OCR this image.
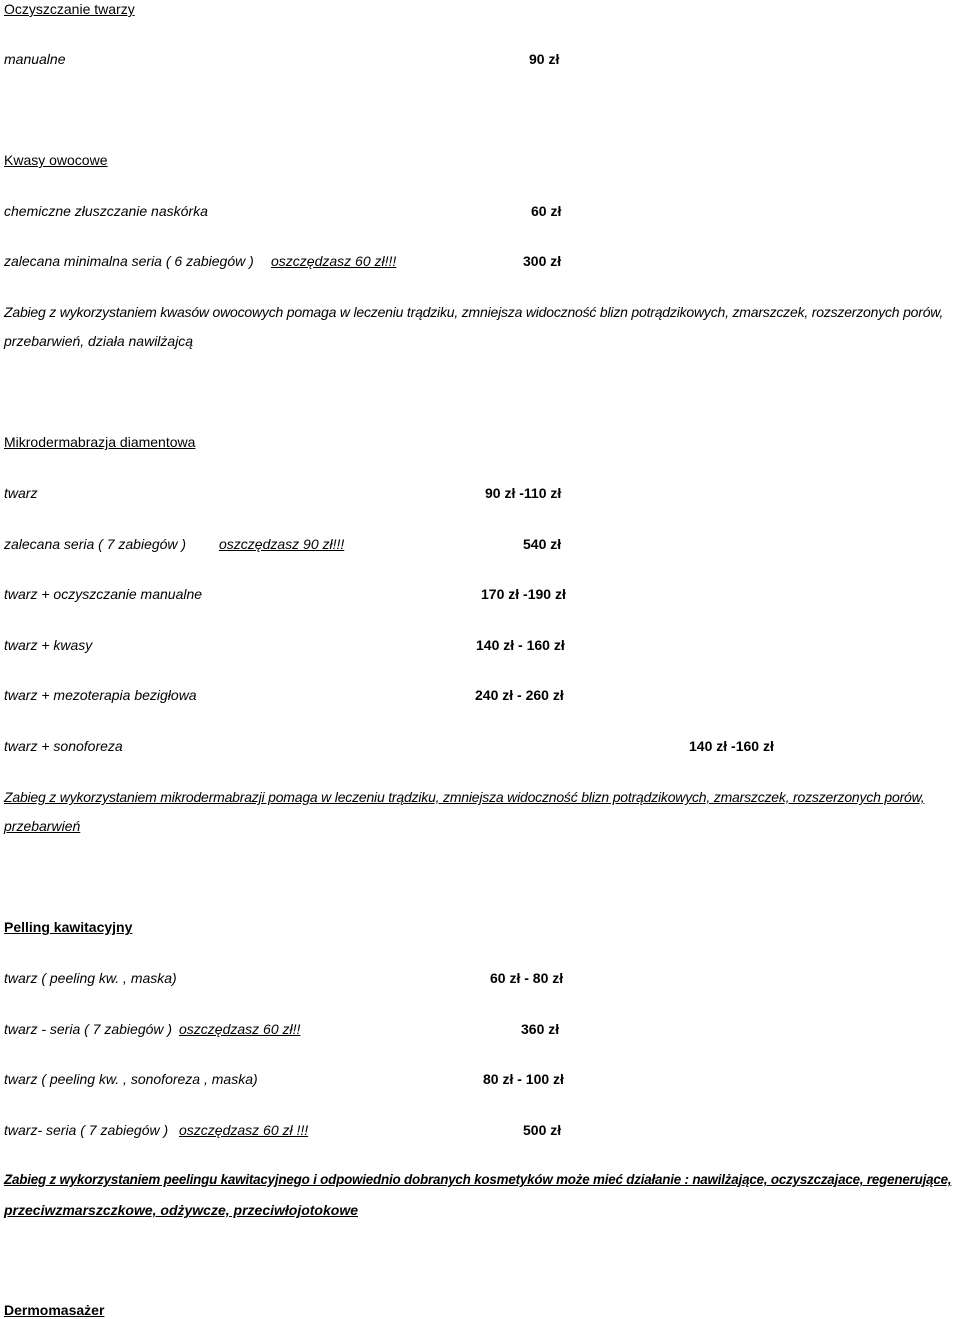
Oczyszczanie twarzy
manualne	90 zł
Kwasy owocowe
chemiczne złuszczanie naskórka	60 zł
zalecana minimalna seria ( 6 zabiegów ) oszczędzasz 60 zł!!!	300 zł
Zabieg z wykorzystaniem kwasów owocowych pomaga w leczeniu trądziku, zmniejsza widoczność blizn potrądzikowych, zmarszczek, rozszerzonych porów,
przebarwień, działa nawilżajcą
Mikrodermabrazja diamentowa
twarz	90 zł -110 zł
zalecana seria ( 7 zabiegów ) oszczędzasz 90 zł!!!	540 zł
twarz + oczyszczanie manualne	170 zł -190 zł
twarz + kwasy	140 zł - 160 zł
twarz + mezoterapia bezigłowa	240 zł - 260 zł
twarz + sonoforeza	140 zł -160 zł
Zabieg z wykorzystaniem mikrodermabrazji pomaga w leczeniu trądziku, zmniejsza widoczność blizn potrądzikowych, zmarszczek, rozszerzonych porów,
przebarwień
Pelling kawitacyjny
twarz ( peeling kw. , maska)	60 zł - 80 zł
twarz - seria ( 7 zabiegów ) oszczędzasz 60 zł!!	360 zł
twarz ( peeling kw. , sonoforeza , maska)	80 zł - 100 zł
twarz- seria ( 7 zabiegów ) oszczędzasz 60 zł !!!	500 zł
Zabieg z wykorzystaniem peelingu kawitacyjnego i odpowiednio dobranych kosmetyków może mieć działanie : nawilżające, oczyszczajace, regenerujące,
przeciwzmarszczkowe, odżywcze, przeciwłojotokowe
Dermomasażer
